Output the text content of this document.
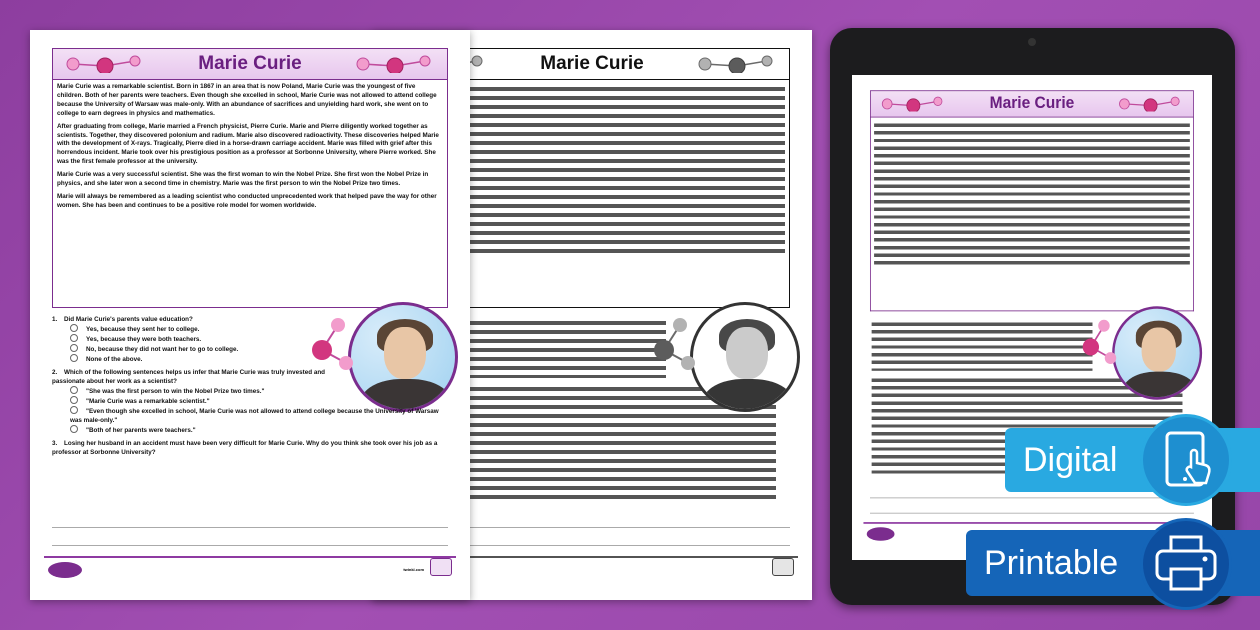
Marie Curie
Marie Curie

Marie Curie was a remarkable scientist. Born in 1867 in an area that is now Poland, Marie Curie was the youngest of five children. Both of her parents were teachers. Even though she excelled in school, Marie Curie was not allowed to attend college because the University of Warsaw was male-only. With an abundance of sacrifices and unyielding hard work, she went on to college to earn degrees in physics and mathematics.

After graduating from college, Marie married a French physicist, Pierre Curie. Marie and Pierre diligently worked together as scientists. Together, they discovered polonium and radium. Marie also discovered radioactivity. These discoveries helped Marie with the development of X-rays. Tragically, Pierre died in a horse-drawn carriage accident. Marie was filled with grief after this horrendous incident. Marie took over his prestigious position as a professor at Sorbonne University, where Pierre worked. She was the first female professor at the university.

Marie Curie was a very successful scientist. She was the first woman to win the Nobel Prize. She first won the Nobel Prize in physics, and she later won a second time in chemistry. Marie was the first person to win the Nobel Prize two times.

Marie will always be remembered as a leading scientist who conducted unprecedented work that helped pave the way for other women. She has been and continues to be a positive role model for women worldwide.

1. Did Marie Curie's parents value education?
Yes, because they sent her to college.
Yes, because they were both teachers.
No, because they did not want her to go to college.
None of the above.
2. Which of the following sentences helps us infer that Marie Curie was truly invested and passionate about her work as a scientist?
"She was the first person to win the Nobel Prize two times."
"Marie Curie was a remarkable scientist."
"Even though she excelled in school, Marie Curie was not allowed to attend college because the University of Warsaw was male-only."
"Both of her parents were teachers."
3. Losing her husband in an accident must have been very difficult for Marie Curie. Why do you think she took over his job as a professor at Sorbonne University?
twinkl.com
Marie Curie
Digital
Printable
